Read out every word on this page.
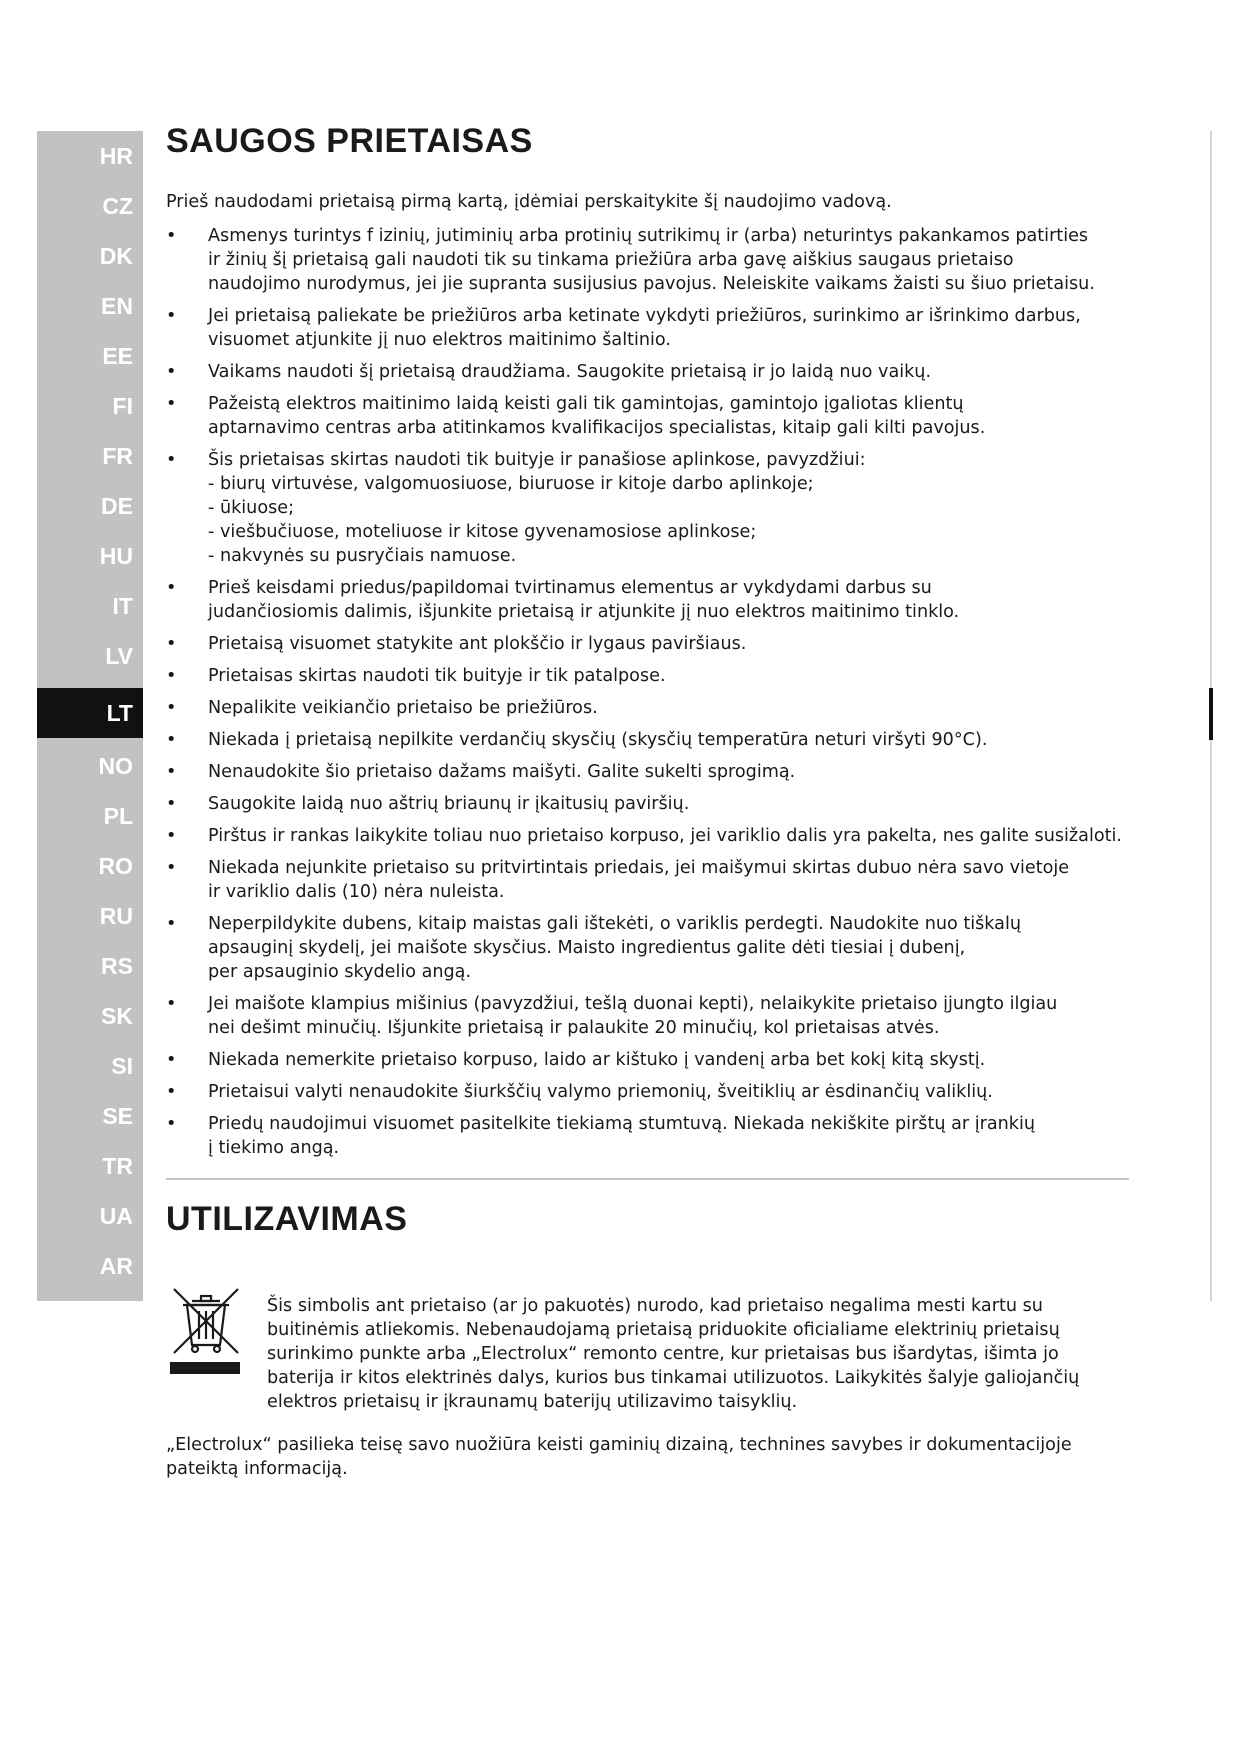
HR
CZ
DK
EN
EE
FI
FR
DE
HU
IT
LV
LT
NO
PL
RO
RU
RS
SK
SI
SE
TR
UA
AR
SAUGOS PRIETAISAS

Prieš naudodami prietaisą pirmą kartą, įdėmiai perskaitykite šį naudojimo vadovą.

• Asmenys turintys f izinių, jutiminių arba protinių sutrikimų ir (arba) neturintys pakankamos patirties
ir žinių šį prietaisą gali naudoti tik su tinkama priežiūra arba gavę aiškius saugaus prietaiso
naudojimo nurodymus, jei jie supranta susijusius pavojus. Neleiskite vaikams žaisti su šiuo prietaisu.
• Jei prietaisą paliekate be priežiūros arba ketinate vykdyti priežiūros, surinkimo ar išrinkimo darbus,
visuomet atjunkite jį nuo elektros maitinimo šaltinio.
• Vaikams naudoti šį prietaisą draudžiama. Saugokite prietaisą ir jo laidą nuo vaikų.
• Pažeistą elektros maitinimo laidą keisti gali tik gamintojas, gamintojo įgaliotas klientų
aptarnavimo centras arba atitinkamos kvalifikacijos specialistas, kitaip gali kilti pavojus.
• Šis prietaisas skirtas naudoti tik buityje ir panašiose aplinkose, pavyzdžiui:
- biurų virtuvėse, valgomuosiuose, biuruose ir kitoje darbo aplinkoje;
- ūkiuose;
- viešbučiuose, moteliuose ir kitose gyvenamosiose aplinkose;
- nakvynės su pusryčiais namuose.
• Prieš keisdami priedus/papildomai tvirtinamus elementus ar vykdydami darbus su
judančiosiomis dalimis, išjunkite prietaisą ir atjunkite jį nuo elektros maitinimo tinklo.
• Prietaisą visuomet statykite ant plokščio ir lygaus paviršiaus.
• Prietaisas skirtas naudoti tik buityje ir tik patalpose.
• Nepalikite veikiančio prietaiso be priežiūros.
• Niekada į prietaisą nepilkite verdančių skysčių (skysčių temperatūra neturi viršyti 90°C).
• Nenaudokite šio prietaiso dažams maišyti. Galite sukelti sprogimą.
• Saugokite laidą nuo aštrių briaunų ir įkaitusių paviršių.
• Pirštus ir rankas laikykite toliau nuo prietaiso korpuso, jei variklio dalis yra pakelta, nes galite susižaloti.
• Niekada nejunkite prietaiso su pritvirtintais priedais, jei maišymui skirtas dubuo nėra savo vietoje
ir variklio dalis (10) nėra nuleista.
• Neperpildykite dubens, kitaip maistas gali ištekėti, o variklis perdegti. Naudokite nuo tiškalų
apsauginį skydelį, jei maišote skysčius. Maisto ingredientus galite dėti tiesiai į dubenį,
per apsauginio skydelio angą.
• Jei maišote klampius mišinius (pavyzdžiui, tešlą duonai kepti), nelaikykite prietaiso įjungto ilgiau
nei dešimt minučių. Išjunkite prietaisą ir palaukite 20 minučių, kol prietaisas atvės.
• Niekada nemerkite prietaiso korpuso, laido ar kištuko į vandenį arba bet kokį kitą skystį.
• Prietaisui valyti nenaudokite šiurkščių valymo priemonių, šveitiklių ar ėsdinančių valiklių.
• Priedų naudojimui visuomet pasitelkite tiekiamą stumtuvą. Niekada nekiškite pirštų ar įrankių
į tiekimo angą.
UTILIZAVIMAS

Šis simbolis ant prietaiso (ar jo pakuotės) nurodo, kad prietaiso negalima mesti kartu su
buitinėmis atliekomis. Nebenaudojamą prietaisą priduokite oficialiame elektrinių prietaisų
surinkimo punkte arba „Electrolux“ remonto centre, kur prietaisas bus išardytas, išimta jo
baterija ir kitos elektrinės dalys, kurios bus tinkamai utilizuotos. Laikykitės šalyje galiojančių
elektros prietaisų ir įkraunamų baterijų utilizavimo taisyklių.

„Electrolux“ pasilieka teisę savo nuožiūra keisti gaminių dizainą, technines savybes ir dokumentacijoje
pateiktą informaciją.
